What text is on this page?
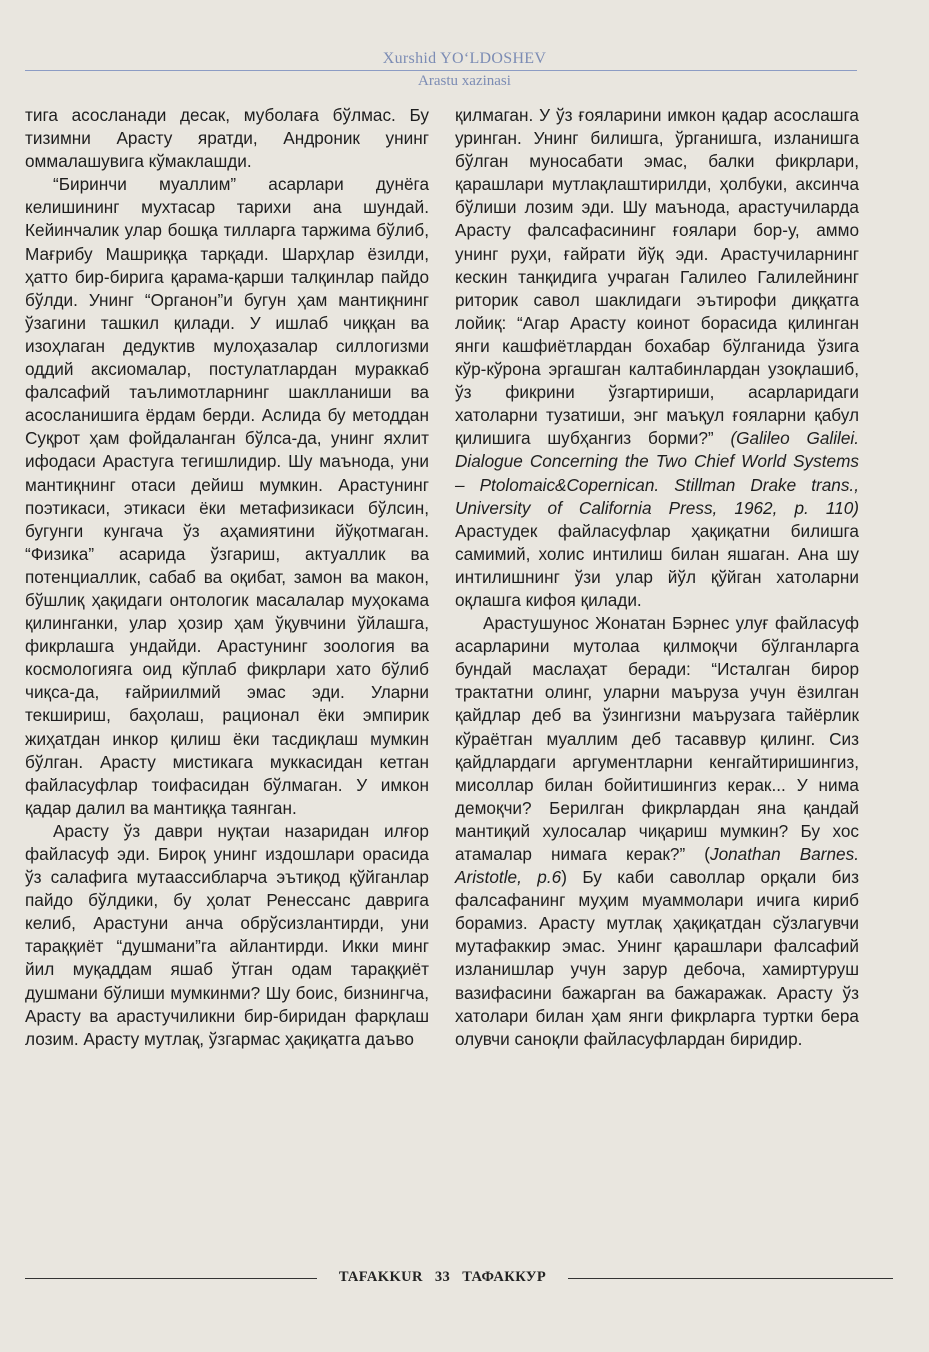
Xurshid YO‘LDOSHEV
Arastu xazinasi

тига асосланади десак, муболаға бўлмас. Бу тизимни Арасту яратди, Андроник унинг оммалашувига кўмаклашди.

“Биринчи муаллим” асарлари дунёга келишининг мухтасар тарихи ана шундай. Кейинчалик улар бошқа тилларга таржима бўлиб, Мағрибу Машриққа тарқади. Шарҳлар ёзилди, ҳатто бир-бирига қарама-қарши талқинлар пайдо бўлди. Унинг “Органон”и бугун ҳам мантиқнинг ўзагини ташкил қилади. У ишлаб чиққан ва изоҳлаган дедуктив мулоҳазалар силлогизми оддий аксиомалар, постулатлардан мураккаб фалсафий таълимотларнинг шаклланиши ва асосланишига ёрдам берди. Аслида бу методдан Суқрот ҳам фойдаланган бўлса-да, унинг яхлит ифодаси Арастуга тегишлидир. Шу маънода, уни мантиқнинг отаси дейиш мумкин. Арастунинг поэтикаси, этикаси ёки метафизикаси бўлсин, бугунги кунгача ўз аҳамиятини йўқотмаган. “Физика” асарида ўзгариш, актуаллик ва потенциаллик, сабаб ва оқибат, замон ва макон, бўшлиқ ҳақидаги онтологик масалалар муҳокама қилинганки, улар ҳозир ҳам ўқувчини ўйлашга, фикрлашга ундайди. Арастунинг зоология ва космологияга оид кўплаб фикрлари хато бўлиб чиқса-да, ғайриилмий эмас эди. Уларни текшириш, баҳолаш, рационал ёки эмпирик жиҳатдан инкор қилиш ёки тасдиқлаш мумкин бўлган. Арасту мистикага муккасидан кетган файласуфлар тоифасидан бўлмаган. У имкон қадар далил ва мантиққа таянган.

Арасту ўз даври нуқтаи назаридан илғор файласуф эди. Бироқ унинг издошлари орасида ўз салафига мутаассибларча эътиқод қўйганлар пайдо бўлдики, бу ҳолат Ренессанс даврига келиб, Арастуни анча обрўсизлантирди, уни тараққиёт “душмани”га айлантирди. Икки минг йил муқаддам яшаб ўтган одам тараққиёт душмани бўлиши мумкинми? Шу боис, бизнингча, Арасту ва арастучиликни бир-биридан фарқлаш лозим. Арасту мутлақ, ўзгармас ҳақиқатга даъво

қилмаган. У ўз ғояларини имкон қадар асослашга уринган. Унинг билишга, ўрганишга, изланишга бўлган муносабати эмас, балки фикрлари, қарашлари мутлақлаштирилди, ҳолбуки, аксинча бўлиши лозим эди. Шу маънода, арастучиларда Арасту фалсафасининг ғоялари бор-у, аммо унинг руҳи, ғайрати йўқ эди. Арастучиларнинг кескин танқидига учраган Галилео Галилейнинг риторик савол шаклидаги эътирофи диққатга лойиқ: “Агар Арасту коинот борасида қилинган янги кашфиётлардан бохабар бўлганида ўзига кўр-кўрона эргашган калтабинлардан узоқлашиб, ўз фикрини ўзгартириши, асарларидаги хатоларни тузатиши, энг маъқул ғояларни қабул қилишига шубҳангиз борми?” (Galileo Galilei. Dialogue Concerning the Two Chief World Systems – Ptolomaic&Copernican. Stillman Drake trans., University of California Press, 1962, p. 110) Арастудек файласуфлар ҳақиқатни билишга самимий, холис интилиш билан яшаган. Ана шу интилишнинг ўзи улар йўл қўйган хатоларни оқлашга кифоя қилади.

Арастушунос Жонатан Бэрнес улуғ файласуф асарларини мутолаа қилмоқчи бўлганларга бундай маслаҳат беради: “Исталган бирор трактатни олинг, уларни маъруза учун ёзилган қайдлар деб ва ўзингизни маърузага тайёрлик кўраётган муаллим деб тасаввур қилинг. Сиз қайдлардаги аргументларни кенгайтиришингиз, мисоллар билан бойитишингиз керак... У нима демоқчи? Берилган фикрлардан яна қандай мантиқий хулосалар чиқариш мумкин? Бу хос атамалар нимага керак?” (Jonathan Barnes. Aristotle, p.6) Бу каби саволлар орқали биз фалсафанинг муҳим муаммолари ичига кириб борамиз. Арасту мутлақ ҳақиқатдан сўзлагувчи мутафаккир эмас. Унинг қарашлари фалсафий изланишлар учун зарур дебоча, хамиртуруш вазифасини бажарган ва бажаражак. Арасту ўз хатолари билан ҳам янги фикрларга туртки бера олувчи саноқли файласуфлардан биридир.

TAFAKKUR 33 ТАФАККУР
